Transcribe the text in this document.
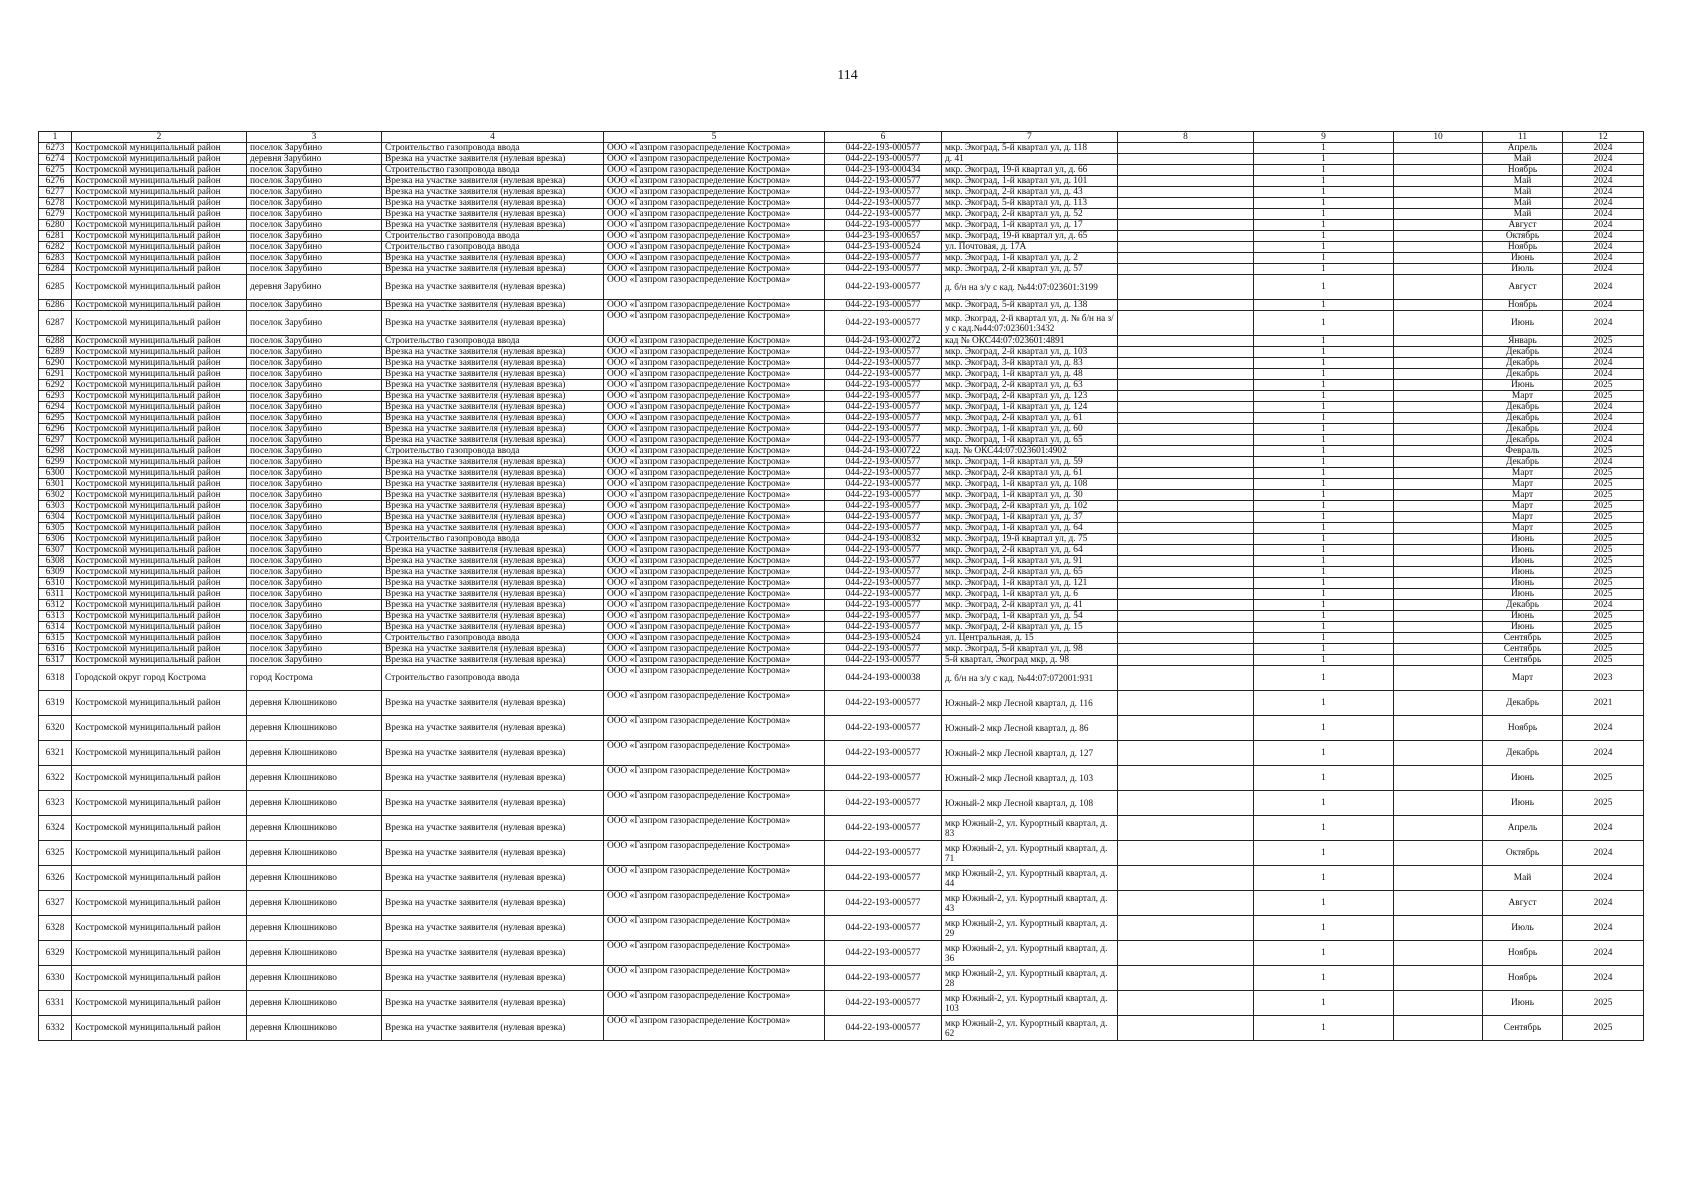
114
1	2	3	4	5	6	7	8	9	10	11	12
6273	Костромской муниципальный район	поселок Зарубино	Строительство газопровода ввода	ООО «Газпром газораспределение Кострома»	044-22-193-000577	мкр. Экоград, 5-й квартал ул, д. 118		1		Апрель	2024
6274	Костромской муниципальный район	деревня Зарубино	Врезка на участке заявителя (нулевая врезка)	ООО «Газпром газораспределение Кострома»	044-22-193-000577	д. 41		1		Май	2024
6275	Костромской муниципальный район	поселок Зарубино	Строительство газопровода ввода	ООО «Газпром газораспределение Кострома»	044-23-193-000434	мкр. Экоград, 19-й квартал ул, д. 66		1		Ноябрь	2024
6276	Костромской муниципальный район	поселок Зарубино	Врезка на участке заявителя (нулевая врезка)	ООО «Газпром газораспределение Кострома»	044-22-193-000577	мкр. Экоград, 1-й квартал ул, д. 101		1		Май	2024
6277	Костромской муниципальный район	поселок Зарубино	Врезка на участке заявителя (нулевая врезка)	ООО «Газпром газораспределение Кострома»	044-22-193-000577	мкр. Экоград, 2-й квартал ул, д. 43		1		Май	2024
6278	Костромской муниципальный район	поселок Зарубино	Врезка на участке заявителя (нулевая врезка)	ООО «Газпром газораспределение Кострома»	044-22-193-000577	мкр. Экоград, 5-й квартал ул, д. 113		1		Май	2024
6279	Костромской муниципальный район	поселок Зарубино	Врезка на участке заявителя (нулевая врезка)	ООО «Газпром газораспределение Кострома»	044-22-193-000577	мкр. Экоград, 2-й квартал ул, д. 52		1		Май	2024
6280	Костромской муниципальный район	поселок Зарубино	Врезка на участке заявителя (нулевая врезка)	ООО «Газпром газораспределение Кострома»	044-22-193-000577	мкр. Экоград, 1-й квартал ул, д. 17		1		Август	2024
6281	Костромской муниципальный район	поселок Зарубино	Строительство газопровода ввода	ООО «Газпром газораспределение Кострома»	044-23-193-000657	мкр. Экоград, 19-й квартал ул, д. 65		1		Октябрь	2024
6282	Костромской муниципальный район	поселок Зарубино	Строительство газопровода ввода	ООО «Газпром газораспределение Кострома»	044-23-193-000524	ул. Почтовая, д. 17А		1		Ноябрь	2024
6283	Костромской муниципальный район	поселок Зарубино	Врезка на участке заявителя (нулевая врезка)	ООО «Газпром газораспределение Кострома»	044-22-193-000577	мкр. Экоград, 1-й квартал ул, д. 2		1		Июнь	2024
6284	Костромской муниципальный район	поселок Зарубино	Врезка на участке заявителя (нулевая врезка)	ООО «Газпром газораспределение Кострома»	044-22-193-000577	мкр. Экоград, 2-й квартал ул, д. 57		1		Июль	2024
6285	Костромской муниципальный район	деревня Зарубино	Врезка на участке заявителя (нулевая врезка)	ООО «Газпром газораспределение Кострома»	044-22-193-000577	д. б/н на з/у с кад. №44:07:023601:3199		1		Август	2024
6286	Костромской муниципальный район	поселок Зарубино	Врезка на участке заявителя (нулевая врезка)	ООО «Газпром газораспределение Кострома»	044-22-193-000577	мкр. Экоград, 5-й квартал ул, д. 138		1		Ноябрь	2024
6287	Костромской муниципальный район	поселок Зарубино	Врезка на участке заявителя (нулевая врезка)	ООО «Газпром газораспределение Кострома»	044-22-193-000577	мкр. Экоград, 2-й квартал ул, д. № б/н на з/у с кад.№44:07:023601:3432		1		Июнь	2024
6288	Костромской муниципальный район	поселок Зарубино	Строительство газопровода ввода	ООО «Газпром газораспределение Кострома»	044-24-193-000272	кад № ОКС44:07:023601:4891		1		Январь	2025
6289	Костромской муниципальный район	поселок Зарубино	Врезка на участке заявителя (нулевая врезка)	ООО «Газпром газораспределение Кострома»	044-22-193-000577	мкр. Экоград, 2-й квартал ул, д. 103		1		Декабрь	2024
6290	Костромской муниципальный район	поселок Зарубино	Врезка на участке заявителя (нулевая врезка)	ООО «Газпром газораспределение Кострома»	044-22-193-000577	мкр. Экоград, 3-й квартал ул, д. 83		1		Декабрь	2024
6291	Костромской муниципальный район	поселок Зарубино	Врезка на участке заявителя (нулевая врезка)	ООО «Газпром газораспределение Кострома»	044-22-193-000577	мкр. Экоград, 1-й квартал ул, д. 48		1		Декабрь	2024
6292	Костромской муниципальный район	поселок Зарубино	Врезка на участке заявителя (нулевая врезка)	ООО «Газпром газораспределение Кострома»	044-22-193-000577	мкр. Экоград, 2-й квартал ул, д. 63		1		Июнь	2025
6293	Костромской муниципальный район	поселок Зарубино	Врезка на участке заявителя (нулевая врезка)	ООО «Газпром газораспределение Кострома»	044-22-193-000577	мкр. Экоград, 2-й квартал ул, д. 123		1		Март	2025
6294	Костромской муниципальный район	поселок Зарубино	Врезка на участке заявителя (нулевая врезка)	ООО «Газпром газораспределение Кострома»	044-22-193-000577	мкр. Экоград, 1-й квартал ул, д. 124		1		Декабрь	2024
6295	Костромской муниципальный район	поселок Зарубино	Врезка на участке заявителя (нулевая врезка)	ООО «Газпром газораспределение Кострома»	044-22-193-000577	мкр. Экоград, 2-й квартал ул, д. 61		1		Декабрь	2024
6296	Костромской муниципальный район	поселок Зарубино	Врезка на участке заявителя (нулевая врезка)	ООО «Газпром газораспределение Кострома»	044-22-193-000577	мкр. Экоград, 1-й квартал ул, д. 60		1		Декабрь	2024
6297	Костромской муниципальный район	поселок Зарубино	Врезка на участке заявителя (нулевая врезка)	ООО «Газпром газораспределение Кострома»	044-22-193-000577	мкр. Экоград, 1-й квартал ул, д. 65		1		Декабрь	2024
6298	Костромской муниципальный район	поселок Зарубино	Строительство газопровода ввода	ООО «Газпром газораспределение Кострома»	044-24-193-000722	кад. № ОКС44:07:023601:4902		1		Февраль	2025
6299	Костромской муниципальный район	поселок Зарубино	Врезка на участке заявителя (нулевая врезка)	ООО «Газпром газораспределение Кострома»	044-22-193-000577	мкр. Экоград, 1-й квартал ул, д. 59		1		Декабрь	2024
6300	Костромской муниципальный район	поселок Зарубино	Врезка на участке заявителя (нулевая врезка)	ООО «Газпром газораспределение Кострома»	044-22-193-000577	мкр. Экоград, 2-й квартал ул, д. 61		1		Март	2025
6301	Костромской муниципальный район	поселок Зарубино	Врезка на участке заявителя (нулевая врезка)	ООО «Газпром газораспределение Кострома»	044-22-193-000577	мкр. Экоград, 1-й квартал ул, д. 108		1		Март	2025
6302	Костромской муниципальный район	поселок Зарубино	Врезка на участке заявителя (нулевая врезка)	ООО «Газпром газораспределение Кострома»	044-22-193-000577	мкр. Экоград, 1-й квартал ул, д. 30		1		Март	2025
6303	Костромской муниципальный район	поселок Зарубино	Врезка на участке заявителя (нулевая врезка)	ООО «Газпром газораспределение Кострома»	044-22-193-000577	мкр. Экоград, 2-й квартал ул, д. 102		1		Март	2025
6304	Костромской муниципальный район	поселок Зарубино	Врезка на участке заявителя (нулевая врезка)	ООО «Газпром газораспределение Кострома»	044-22-193-000577	мкр. Экоград, 1-й квартал ул, д. 37		1		Март	2025
6305	Костромской муниципальный район	поселок Зарубино	Врезка на участке заявителя (нулевая врезка)	ООО «Газпром газораспределение Кострома»	044-22-193-000577	мкр. Экоград, 1-й квартал ул, д. 64		1		Март	2025
6306	Костромской муниципальный район	поселок Зарубино	Строительство газопровода ввода	ООО «Газпром газораспределение Кострома»	044-24-193-000832	мкр. Экоград, 19-й квартал ул, д. 75		1		Июнь	2025
6307	Костромской муниципальный район	поселок Зарубино	Врезка на участке заявителя (нулевая врезка)	ООО «Газпром газораспределение Кострома»	044-22-193-000577	мкр. Экоград, 2-й квартал ул, д. 64		1		Июнь	2025
6308	Костромской муниципальный район	поселок Зарубино	Врезка на участке заявителя (нулевая врезка)	ООО «Газпром газораспределение Кострома»	044-22-193-000577	мкр. Экоград, 1-й квартал ул, д. 91		1		Июнь	2025
6309	Костромской муниципальный район	поселок Зарубино	Врезка на участке заявителя (нулевая врезка)	ООО «Газпром газораспределение Кострома»	044-22-193-000577	мкр. Экоград, 2-й квартал ул, д. 65		1		Июнь	2025
6310	Костромской муниципальный район	поселок Зарубино	Врезка на участке заявителя (нулевая врезка)	ООО «Газпром газораспределение Кострома»	044-22-193-000577	мкр. Экоград, 1-й квартал ул, д. 121		1		Июнь	2025
6311	Костромской муниципальный район	поселок Зарубино	Врезка на участке заявителя (нулевая врезка)	ООО «Газпром газораспределение Кострома»	044-22-193-000577	мкр. Экоград, 1-й квартал ул, д. 6		1		Июнь	2025
6312	Костромской муниципальный район	поселок Зарубино	Врезка на участке заявителя (нулевая врезка)	ООО «Газпром газораспределение Кострома»	044-22-193-000577	мкр. Экоград, 2-й квартал ул, д. 41		1		Декабрь	2024
6313	Костромской муниципальный район	поселок Зарубино	Врезка на участке заявителя (нулевая врезка)	ООО «Газпром газораспределение Кострома»	044-22-193-000577	мкр. Экоград, 1-й квартал ул, д. 54		1		Июнь	2025
6314	Костромской муниципальный район	поселок Зарубино	Врезка на участке заявителя (нулевая врезка)	ООО «Газпром газораспределение Кострома»	044-22-193-000577	мкр. Экоград, 2-й квартал ул, д. 15		1		Июнь	2025
6315	Костромской муниципальный район	поселок Зарубино	Строительство газопровода ввода	ООО «Газпром газораспределение Кострома»	044-23-193-000524	ул. Центральная, д. 15		1		Сентябрь	2025
6316	Костромской муниципальный район	поселок Зарубино	Врезка на участке заявителя (нулевая врезка)	ООО «Газпром газораспределение Кострома»	044-22-193-000577	мкр. Экоград, 5-й квартал ул, д. 98		1		Сентябрь	2025
6317	Костромской муниципальный район	поселок Зарубино	Врезка на участке заявителя (нулевая врезка)	ООО «Газпром газораспределение Кострома»	044-22-193-000577	5-й квартал, Экоград мкр, д. 98		1		Сентябрь	2025
6318	Городской округ город Кострома	город Кострома	Строительство газопровода ввода	ООО «Газпром газораспределение Кострома»	044-24-193-000038	д. б/н на з/у с кад. №44:07:072001:931		1		Март	2023
6319	Костромской муниципальный район	деревня Клюшниково	Врезка на участке заявителя (нулевая врезка)	ООО «Газпром газораспределение Кострома»	044-22-193-000577	Южный-2 мкр Лесной квартал, д. 116		1		Декабрь	2021
6320	Костромской муниципальный район	деревня Клюшниково	Врезка на участке заявителя (нулевая врезка)	ООО «Газпром газораспределение Кострома»	044-22-193-000577	Южный-2 мкр Лесной квартал, д. 86		1		Ноябрь	2024
6321	Костромской муниципальный район	деревня Клюшниково	Врезка на участке заявителя (нулевая врезка)	ООО «Газпром газораспределение Кострома»	044-22-193-000577	Южный-2 мкр Лесной квартал, д. 127		1		Декабрь	2024
6322	Костромской муниципальный район	деревня Клюшниково	Врезка на участке заявителя (нулевая врезка)	ООО «Газпром газораспределение Кострома»	044-22-193-000577	Южный-2 мкр Лесной квартал, д. 103		1		Июнь	2025
6323	Костромской муниципальный район	деревня Клюшниково	Врезка на участке заявителя (нулевая врезка)	ООО «Газпром газораспределение Кострома»	044-22-193-000577	Южный-2 мкр Лесной квартал, д. 108		1		Июнь	2025
6324	Костромской муниципальный район	деревня Клюшниково	Врезка на участке заявителя (нулевая врезка)	ООО «Газпром газораспределение Кострома»	044-22-193-000577	мкр Южный-2, ул. Курортный квартал, д. 83		1		Апрель	2024
6325	Костромской муниципальный район	деревня Клюшниково	Врезка на участке заявителя (нулевая врезка)	ООО «Газпром газораспределение Кострома»	044-22-193-000577	мкр Южный-2, ул. Курортный квартал, д. 71		1		Октябрь	2024
6326	Костромской муниципальный район	деревня Клюшниково	Врезка на участке заявителя (нулевая врезка)	ООО «Газпром газораспределение Кострома»	044-22-193-000577	мкр Южный-2, ул. Курортный квартал, д. 44		1		Май	2024
6327	Костромской муниципальный район	деревня Клюшниково	Врезка на участке заявителя (нулевая врезка)	ООО «Газпром газораспределение Кострома»	044-22-193-000577	мкр Южный-2, ул. Курортный квартал, д. 43		1		Август	2024
6328	Костромской муниципальный район	деревня Клюшниково	Врезка на участке заявителя (нулевая врезка)	ООО «Газпром газораспределение Кострома»	044-22-193-000577	мкр Южный-2, ул. Курортный квартал, д. 29		1		Июль	2024
6329	Костромской муниципальный район	деревня Клюшниково	Врезка на участке заявителя (нулевая врезка)	ООО «Газпром газораспределение Кострома»	044-22-193-000577	мкр Южный-2, ул. Курортный квартал, д. 36		1		Ноябрь	2024
6330	Костромской муниципальный район	деревня Клюшниково	Врезка на участке заявителя (нулевая врезка)	ООО «Газпром газораспределение Кострома»	044-22-193-000577	мкр Южный-2, ул. Курортный квартал, д. 28		1		Ноябрь	2024
6331	Костромской муниципальный район	деревня Клюшниково	Врезка на участке заявителя (нулевая врезка)	ООО «Газпром газораспределение Кострома»	044-22-193-000577	мкр Южный-2, ул. Курортный квартал, д. 103		1		Июнь	2025
6332	Костромской муниципальный район	деревня Клюшниково	Врезка на участке заявителя (нулевая врезка)	ООО «Газпром газораспределение Кострома»	044-22-193-000577	мкр Южный-2, ул. Курортный квартал, д. 62		1		Сентябрь	2025
